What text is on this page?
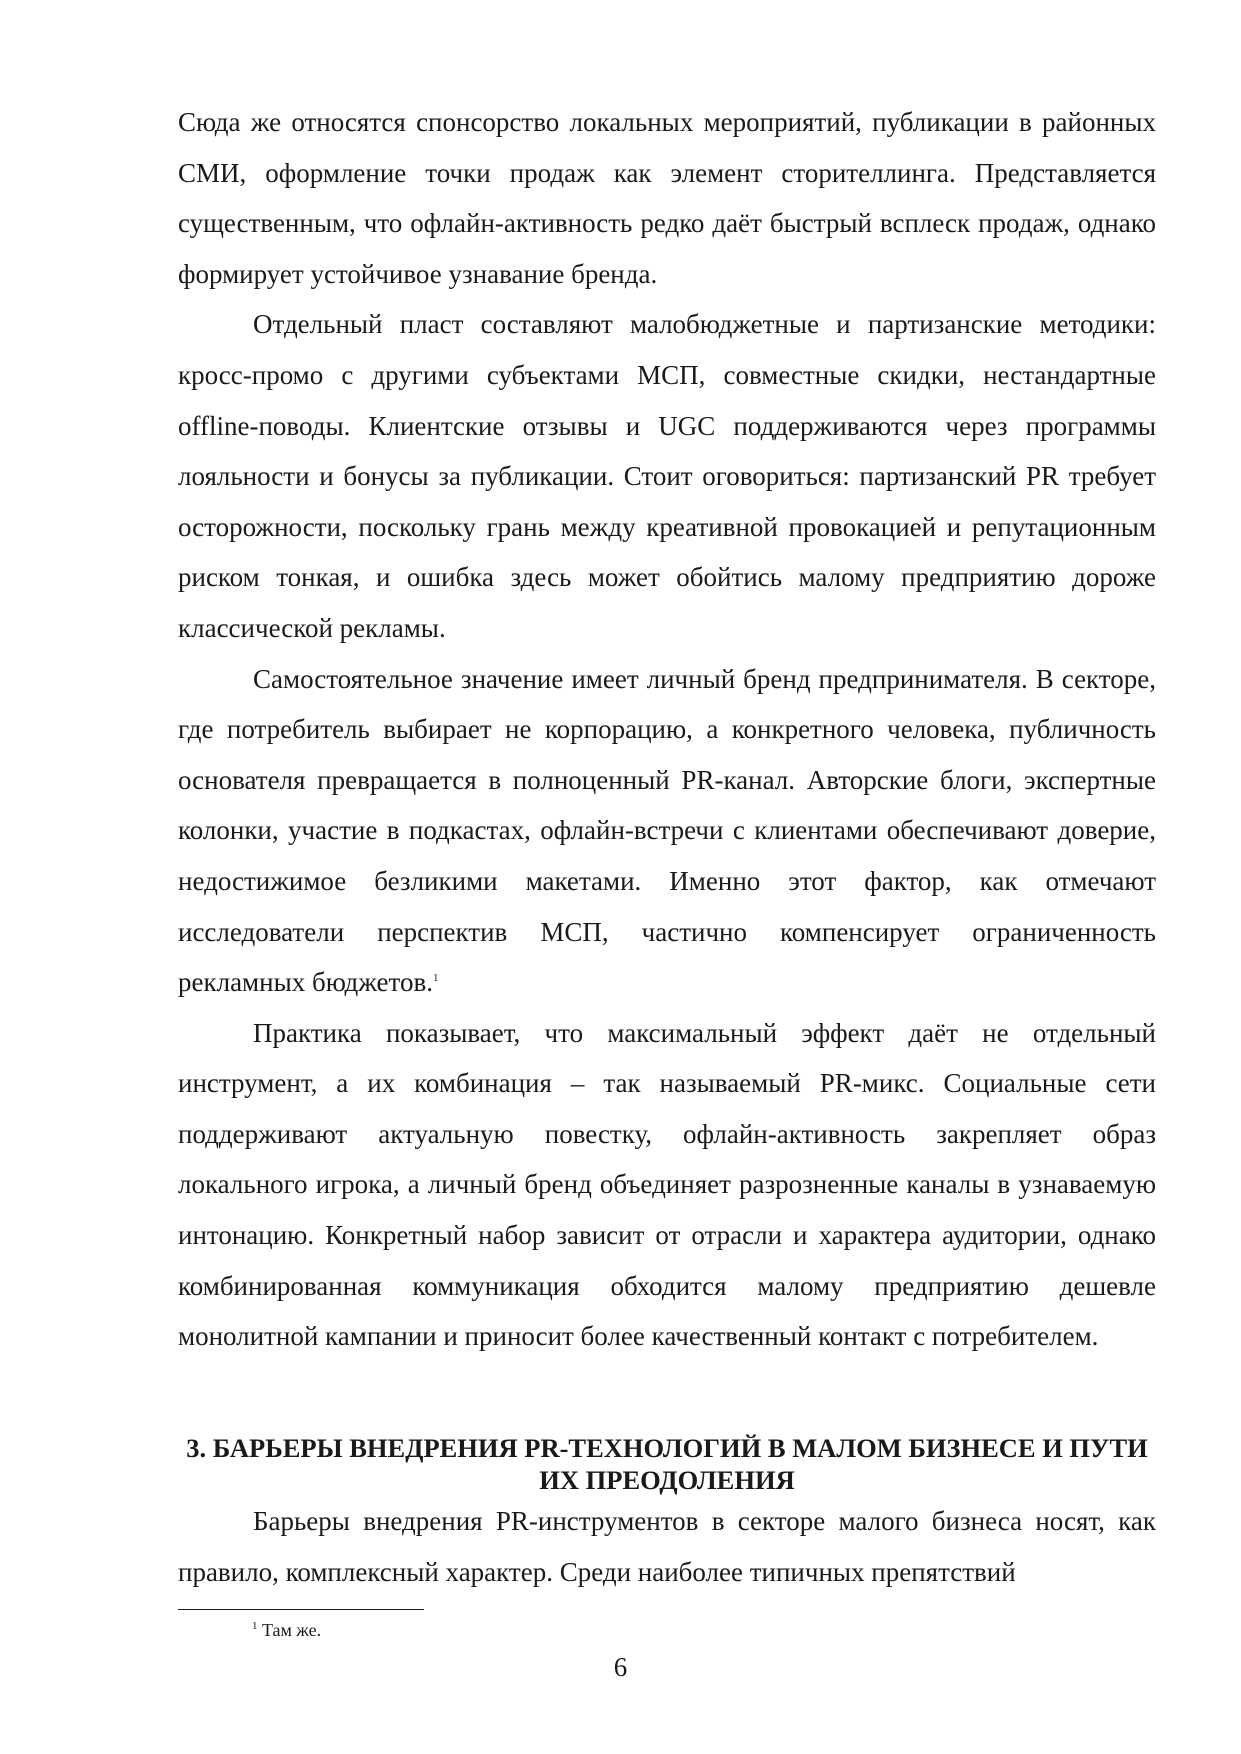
Сюда же относятся спонсорство локальных мероприятий, публикации в районных СМИ, оформление точки продаж как элемент сторителлинга. Представляется существенным, что офлайн-активность редко даёт быстрый всплеск продаж, однако формирует устойчивое узнавание бренда.

Отдельный пласт составляют малобюджетные и партизанские методики: кросс-промо с другими субъектами МСП, совместные скидки, нестандартные offline-поводы. Клиентские отзывы и UGC поддерживаются через программы лояльности и бонусы за публикации. Стоит оговориться: партизанский PR требует осторожности, поскольку грань между креативной провокацией и репутационным риском тонкая, и ошибка здесь может обойтись малому предприятию дороже классической рекламы.

Самостоятельное значение имеет личный бренд предпринимателя. В секторе, где потребитель выбирает не корпорацию, а конкретного человека, публичность основателя превращается в полноценный PR-канал. Авторские блоги, экспертные колонки, участие в подкастах, офлайн-встречи с клиентами обеспечивают доверие, недостижимое безликими макетами. Именно этот фактор, как отмечают исследователи перспектив МСП, частично компенсирует ограниченность рекламных бюджетов.$^1$

Практика показывает, что максимальный эффект даёт не отдельный инструмент, а их комбинация – так называемый PR-микс. Социальные сети поддерживают актуальную повестку, офлайн-активность закрепляет образ локального игрока, а личный бренд объединяет разрозненные каналы в узнаваемую интонацию. Конкретный набор зависит от отрасли и характера аудитории, однако комбинированная коммуникация обходится малому предприятию дешевле монолитной кампании и приносит более качественный контакт с потребителем.

3. БАРЬЕРЫ ВНЕДРЕНИЯ PR-ТЕХНОЛОГИЙ В МАЛОМ БИЗНЕСЕ И ПУТИ ИХ ПРЕОДОЛЕНИЯ

Барьеры внедрения PR-инструментов в секторе малого бизнеса носят, как правило, комплексный характер. Среди наиболее типичных препятствий

$^1$ Там же.
6
